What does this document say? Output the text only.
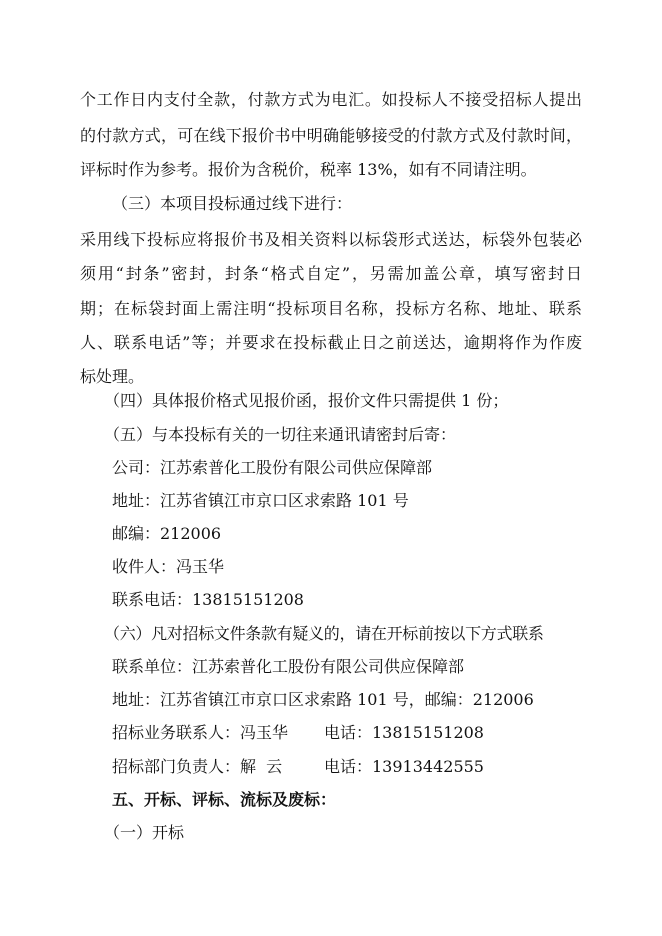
个工作日内支付全款，付款方式为电汇。如投标人不接受招标人提出
的付款方式，可在线下报价书中明确能够接受的付款方式及付款时间，
评标时作为参考。报价为含税价，税率 13%，如有不同请注明。
（三）本项目投标通过线下进行：
采用线下投标应将报价书及相关资料以标袋形式送达，标袋外包装必
须用“封条”密封，封条“格式自定”，另需加盖公章，填写密封日
期；在标袋封面上需注明“投标项目名称，投标方名称、地址、联系
人、联系电话”等；并要求在投标截止日之前送达，逾期将作为作废
标处理。
（四）具体报价格式见报价函，报价文件只需提供 1 份；
（五）与本投标有关的一切往来通讯请密封后寄：
公司：江苏索普化工股份有限公司供应保障部
地址：江苏省镇江市京口区求索路 101 号
邮编：212006
收件人：冯玉华
联系电话：13815151208
（六）凡对招标文件条款有疑义的，请在开标前按以下方式联系
联系单位：江苏索普化工股份有限公司供应保障部
地址：江苏省镇江市京口区求索路 101 号，邮编：212006
招标业务联系人：冯玉华 电话：13815151208
招标部门负责人：解  云	电话：13913442555
五、开标、评标、流标及废标：
（一）开标
